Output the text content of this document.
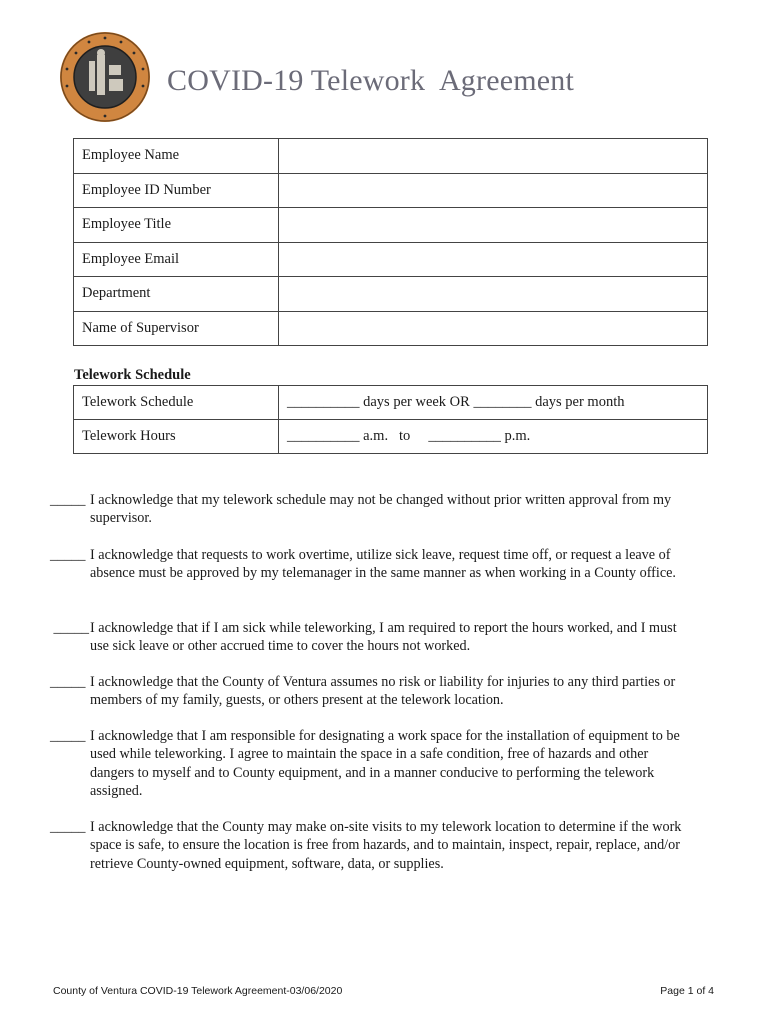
COVID-19 Telework  Agreement
Employee Name	
Employee ID Number	
Employee Title	
Employee Email	
Department	
Name of Supervisor	
Telework Schedule
Telework Schedule	__________ days per week OR ________ days per month
Telework Hours	__________ a.m.   to     __________ p.m.
_____ I acknowledge that my telework schedule may not be changed without prior written approval from my supervisor.
_____ I acknowledge that requests to work overtime, utilize sick leave, request time off, or request a leave of absence must be approved by my telemanager in the same manner as when working in a County office.
_____ I acknowledge that if I am sick while teleworking, I am required to report the hours worked, and I must use sick leave or other accrued time to cover the hours not worked.
_____ I acknowledge that the County of Ventura assumes no risk or liability for injuries to any third parties or members of my family, guests, or others present at the telework location.
_____ I acknowledge that I am responsible for designating a work space for the installation of equipment to be used while teleworking. I agree to maintain the space in a safe condition, free of hazards and other dangers to myself and to County equipment, and in a manner conducive to performing the telework assigned.
_____ I acknowledge that the County may make on-site visits to my telework location to determine if the work space is safe, to ensure the location is free from hazards, and to maintain, inspect, repair, replace, and/or retrieve County-owned equipment, software, data, or supplies.
County of Ventura COVID-19 Telework Agreement-03/06/2020	Page 1 of 4
